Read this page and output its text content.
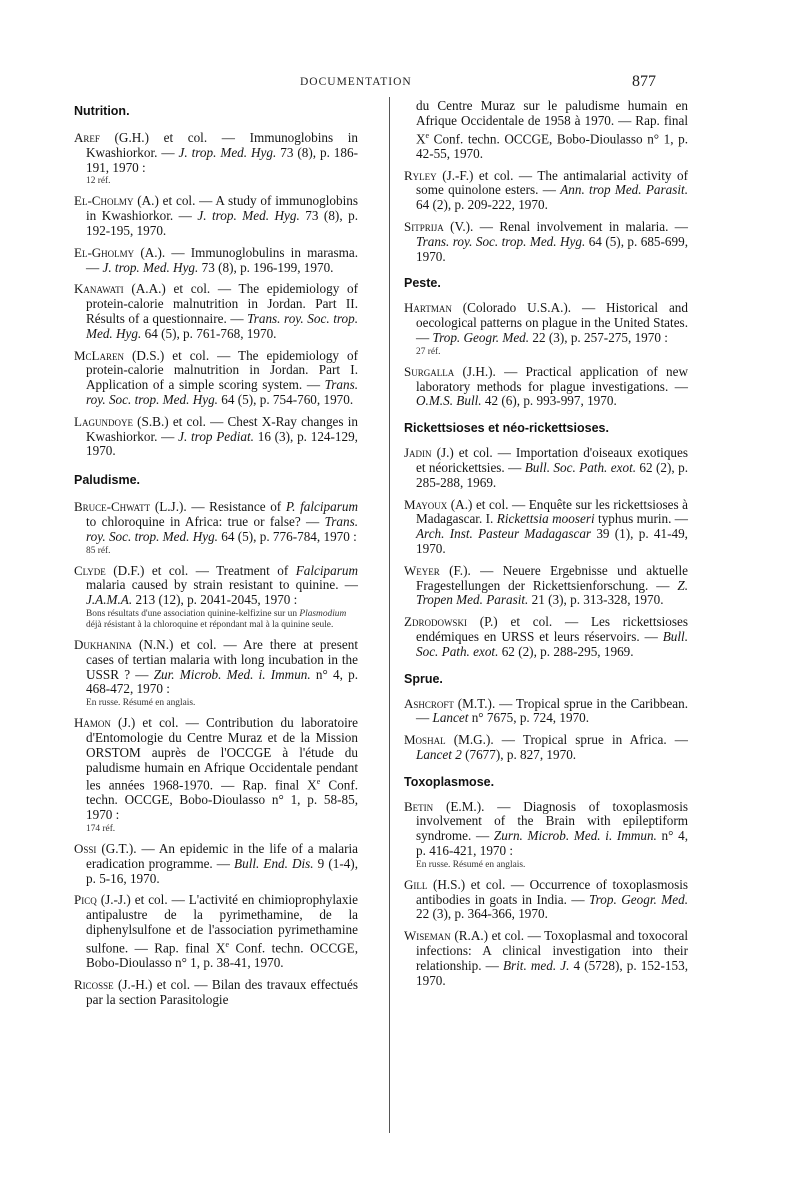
DOCUMENTATION	877
Nutrition.
Aref (G.H.) et col. — Immunoglobins in Kwashiorkor. — J. trop. Med. Hyg. 73 (8), p. 186-191, 1970 :
12 réf.
El-Cholmy (A.) et col. — A study of immunoglobins in Kwashiorkor. — J. trop. Med. Hyg. 73 (8), p. 192-195, 1970.
El-Gholmy (A.). — Immunoglobulins in marasma. — J. trop. Med. Hyg. 73 (8), p. 196-199, 1970.
Kanawati (A.A.) et col. — The epidemiology of protein-calorie malnutrition in Jordan. Part II. Résults of a questionnaire. — Trans. roy. Soc. trop. Med. Hyg. 64 (5), p. 761-768, 1970.
McLaren (D.S.) et col. — The epidemiology of protein-calorie malnutrition in Jordan. Part I. Application of a simple scoring system. — Trans. roy. Soc. trop. Med. Hyg. 64 (5), p. 754-760, 1970.
Lagundoye (S.B.) et col. — Chest X-Ray changes in Kwashiorkor. — J. trop Pediat. 16 (3), p. 124-129, 1970.
Paludisme.
Bruce-Chwatt (L.J.). — Resistance of P. falciparum to chloroquine in Africa: true or false? — Trans. roy. Soc. trop. Med. Hyg. 64 (5), p. 776-784, 1970 :
85 réf.
Clyde (D.F.) et col. — Treatment of Falciparum malaria caused by strain resistant to quinine. — J.A.M.A. 213 (12), p. 2041-2045, 1970 :
Bons résultats d'une association quinine-kelfizine sur un Plasmodium déjà résistant à la chloroquine et répondant mal à la quinine seule.
Dukhanina (N.N.) et col. — Are there at present cases of tertian malaria with long incubation in the USSR ? — Zur. Microb. Med. i. Immun. n° 4, p. 468-472, 1970 :
En russe. Résumé en anglais.
Hamon (J.) et col. — Contribution du laboratoire d'Entomologie du Centre Muraz et de la Mission ORSTOM auprès de l'OCCGE à l'étude du paludisme humain en Afrique Occidentale pendant les années 1968-1970. — Rap. final Xe Conf. techn. OCCGE, Bobo-Dioulasso n° 1, p. 58-85, 1970 :
174 réf.
Ossi (G.T.). — An epidemic in the life of a malaria eradication programme. — Bull. End. Dis. 9 (1-4), p. 5-16, 1970.
Picq (J.-J.) et col. — L'activité en chimioprophylaxie antipalustre de la pyrimethamine, de la diphenylsulfone et de l'association pyrimethamine sulfone. — Rap. final Xe Conf. techn. OCCGE, Bobo-Dioulasso n° 1, p. 38-41, 1970.
Ricosse (J.-H.) et col. — Bilan des travaux effectués par la section Parasitologie
du Centre Muraz sur le paludisme humain en Afrique Occidentale de 1958 à 1970. — Rap. final Xe Conf. techn. OCCGE, Bobo-Dioulasso n° 1, p. 42-55, 1970.
Ryley (J.-F.) et col. — The antimalarial activity of some quinolone esters. — Ann. trop Med. Parasit. 64 (2), p. 209-222, 1970.
Sitprija (V.). — Renal involvement in malaria. — Trans. roy. Soc. trop. Med. Hyg. 64 (5), p. 685-699, 1970.
Peste.
Hartman (Colorado U.S.A.). — Historical and oecological patterns on plague in the United States. — Trop. Geogr. Med. 22 (3), p. 257-275, 1970 :
27 réf.
Surgalla (J.H.). — Practical application of new laboratory methods for plague investigations. — O.M.S. Bull. 42 (6), p. 993-997, 1970.
Rickettsioses et néo-rickettsioses.
Jadin (J.) et col. — Importation d'oiseaux exotiques et néorickettsies. — Bull. Soc. Path. exot. 62 (2), p. 285-288, 1969.
Mayoux (A.) et col. — Enquête sur les rickettsioses à Madagascar. I. Rickettsia mooseri typhus murin. — Arch. Inst. Pasteur Madagascar 39 (1), p. 41-49, 1970.
Weyer (F.). — Neuere Ergebnisse und aktuelle Fragestellungen der Rickettsienforschung. — Z. Tropen Med. Parasit. 21 (3), p. 313-328, 1970.
Zdrodowski (P.) et col. — Les rickettsioses endémiques en URSS et leurs réservoirs. — Bull. Soc. Path. exot. 62 (2), p. 288-295, 1969.
Sprue.
Ashcroft (M.T.). — Tropical sprue in the Caribbean. — Lancet n° 7675, p. 724, 1970.
Moshal (M.G.). — Tropical sprue in Africa. — Lancet 2 (7677), p. 827, 1970.
Toxoplasmose.
Betin (E.M.). — Diagnosis of toxoplasmosis involvement of the Brain with epileptiform syndrome. — Zurn. Microb. Med. i. Immun. n° 4, p. 416-421, 1970 :
En russe. Résumé en anglais.
Gill (H.S.) et col. — Occurrence of toxoplasmosis antibodies in goats in India. — Trop. Geogr. Med. 22 (3), p. 364-366, 1970.
Wiseman (R.A.) et col. — Toxoplasmal and toxocoral infections: A clinical investigation into their relationship. — Brit. med. J. 4 (5728), p. 152-153, 1970.
